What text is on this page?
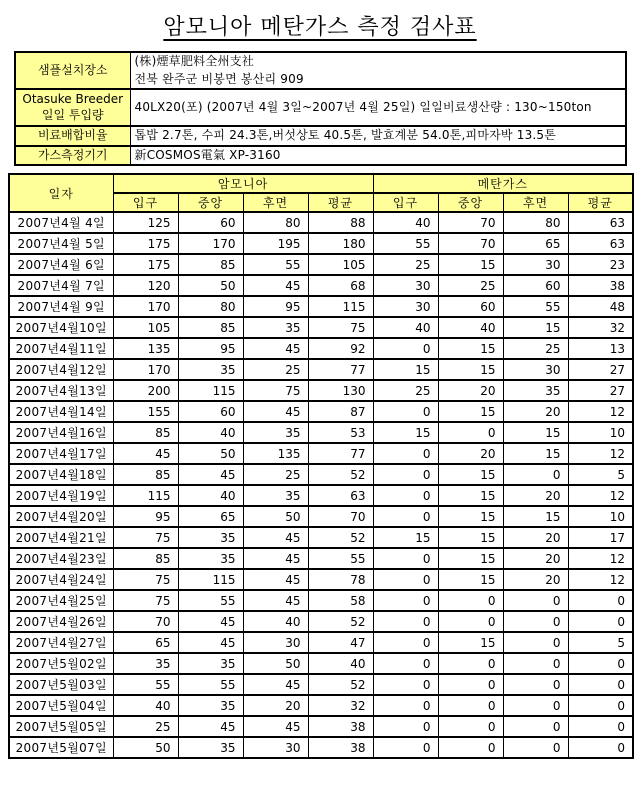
암모니아 메탄가스 측정 검사표
샘플설치장소	(株)煙草肥料全州支社
전북 완주군 비봉면 봉산리 909

Otasuke Breeder
일일 투입량	40LX20(포) (2007년 4월 3일~2007년 4월 25일) 일일비료생산량 : 130~150ton
비료배합비율	톱밥 2.7톤, 수피 24.3톤,버섯상토 40.5톤, 발효계분 54.0톤,피마자박 13.5톤
가스측정기기	新COSMOS電氣 XP-3160
일자	암모니아				메탄가스			
	입구	중앙	후면	평균	입구	중앙	후면	평균
2007년4월 4일	125	60	80	88	40	70	80	63
2007년4월 5일	175	170	195	180	55	70	65	63
2007년4월 6일	175	85	55	105	25	15	30	23
2007년4월 7일	120	50	45	68	30	25	60	38
2007년4월 9일	170	80	95	115	30	60	55	48
2007년4월10일	105	85	35	75	40	40	15	32
2007년4월11일	135	95	45	92	0	15	25	13
2007년4월12일	170	35	25	77	15	15	30	27
2007년4월13일	200	115	75	130	25	20	35	27
2007년4월14일	155	60	45	87	0	15	20	12
2007년4월16일	85	40	35	53	15	0	15	10
2007년4월17일	45	50	135	77	0	20	15	12
2007년4월18일	85	45	25	52	0	15	0	5
2007년4월19일	115	40	35	63	0	15	20	12
2007년4월20일	95	65	50	70	0	15	15	10
2007년4월21일	75	35	45	52	15	15	20	17
2007년4월23일	85	35	45	55	0	15	20	12
2007년4월24일	75	115	45	78	0	15	20	12
2007년4월25일	75	55	45	58	0	0	0	0
2007년4월26일	70	45	40	52	0	0	0	0
2007년4월27일	65	45	30	47	0	15	0	5
2007년5월02일	35	35	50	40	0	0	0	0
2007년5월03일	55	55	45	52	0	0	0	0
2007년5월04일	40	35	20	32	0	0	0	0
2007년5월05일	25	45	45	38	0	0	0	0
2007년5월07일	50	35	30	38	0	0	0	0
